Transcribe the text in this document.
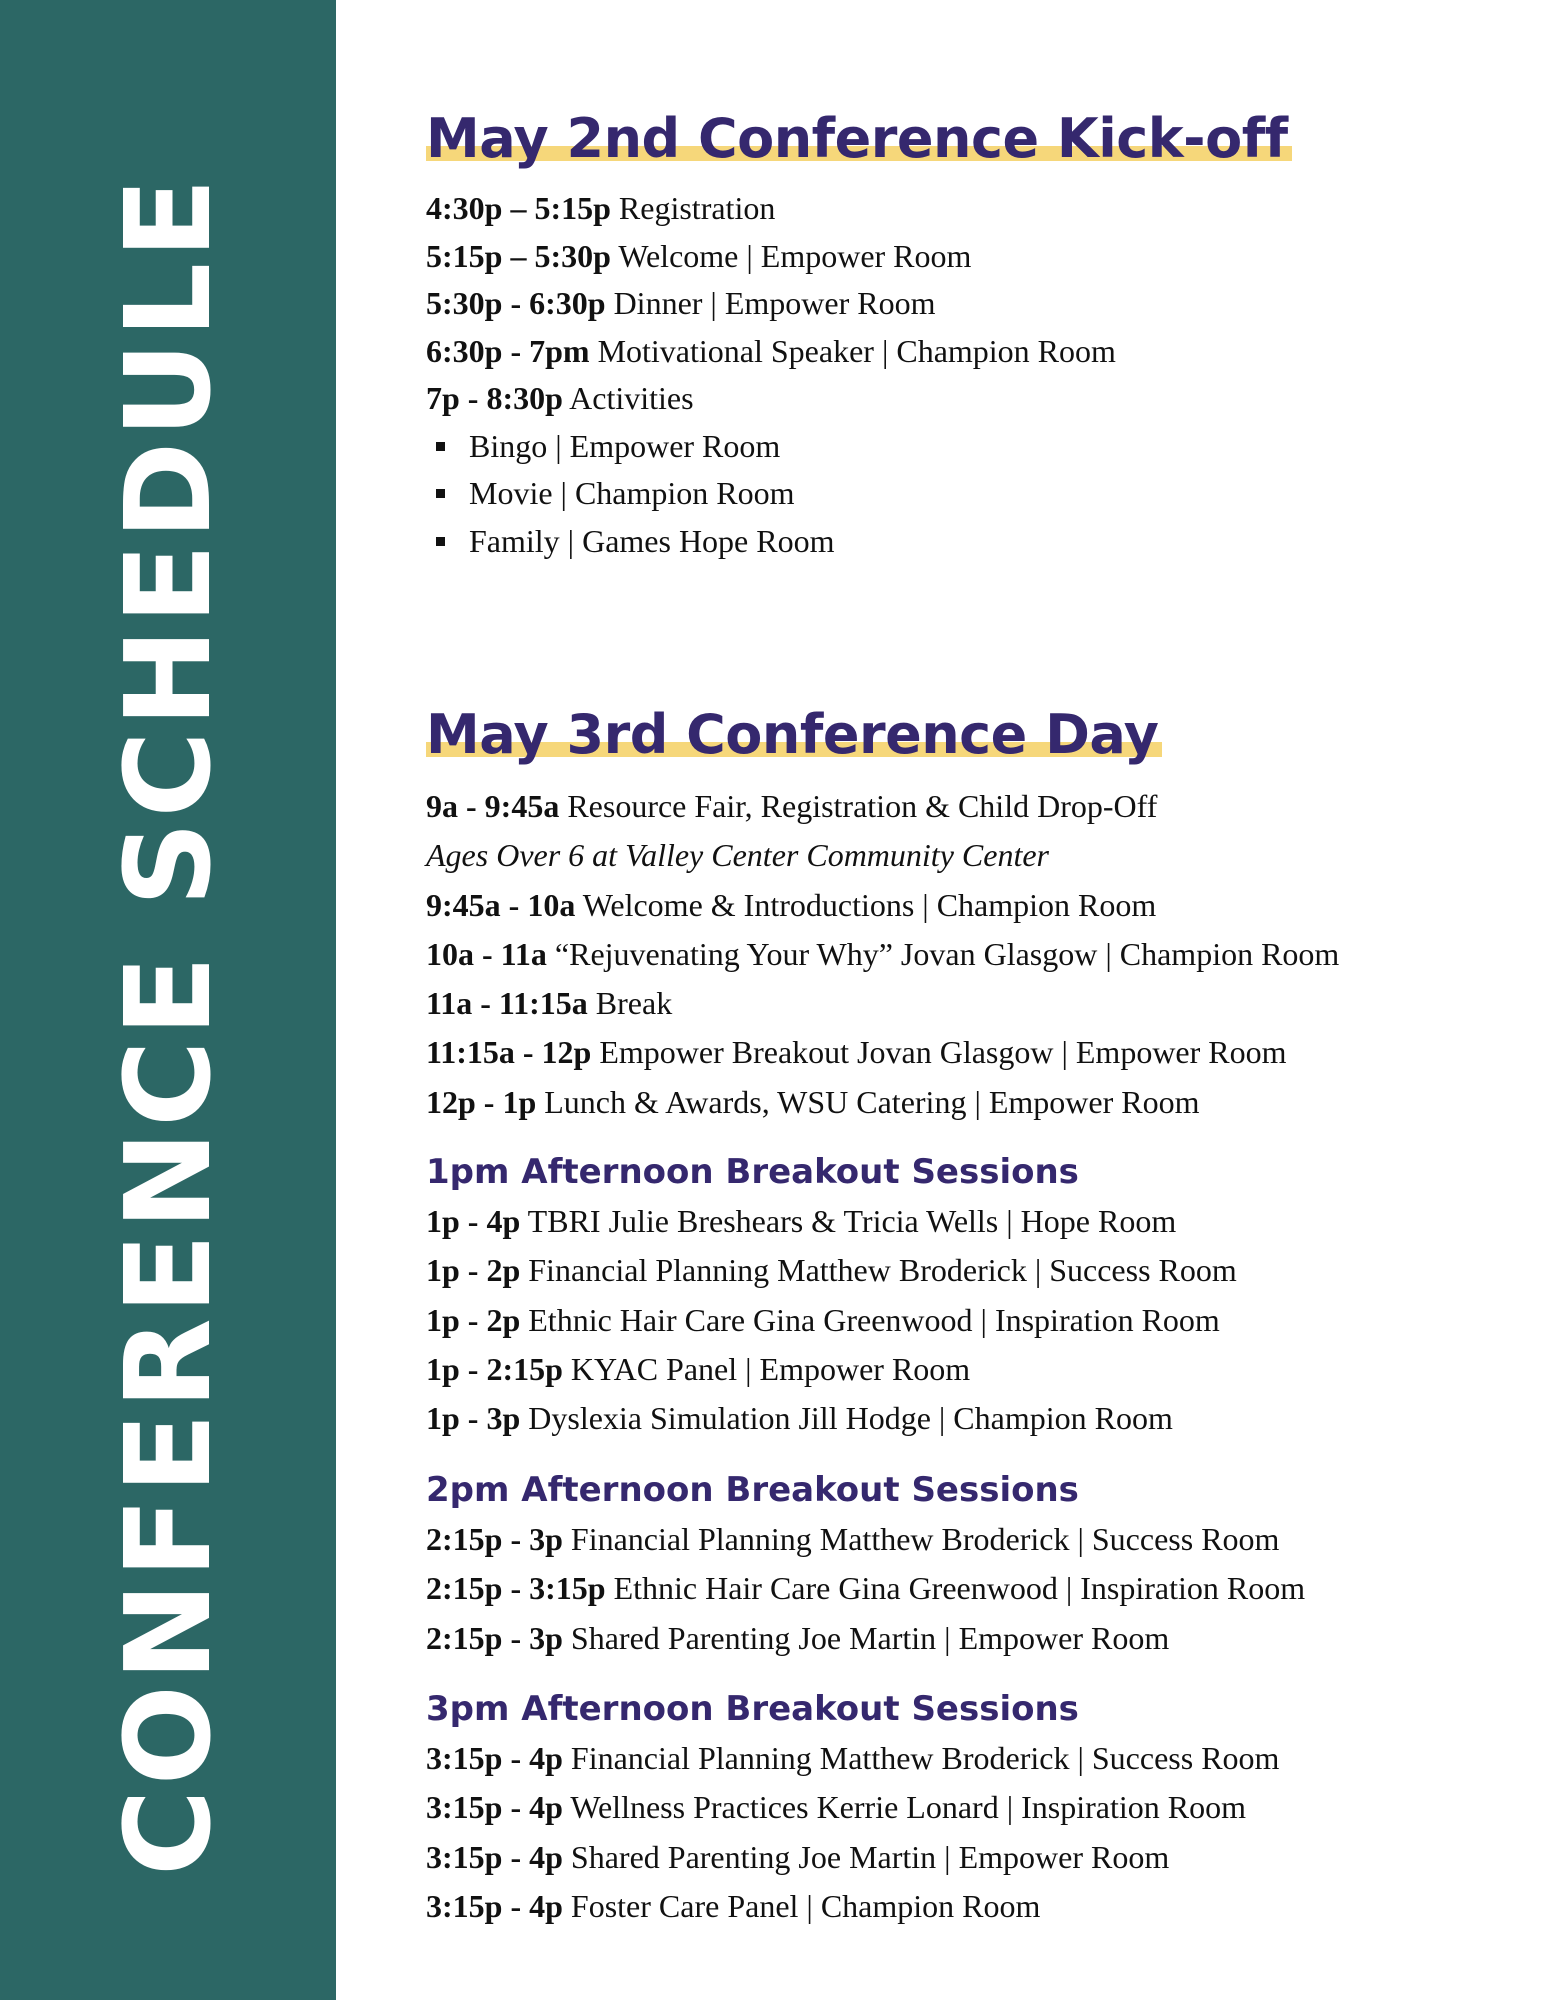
CONFERENCE SCHEDULE
May 2nd Conference Kick-off
4:30p – 5:15p Registration
5:15p – 5:30p Welcome | Empower Room
5:30p - 6:30p Dinner | Empower Room
6:30p - 7pm Motivational Speaker | Champion Room
7p - 8:30p Activities
Bingo | Empower Room
Movie | Champion Room
Family | Games Hope Room
May 3rd Conference Day
9a - 9:45a Resource Fair, Registration & Child Drop-Off
Ages Over 6 at Valley Center Community Center
9:45a - 10a Welcome & Introductions | Champion Room
10a - 11a “Rejuvenating Your Why” Jovan Glasgow | Champion Room
11a - 11:15a Break
11:15a - 12p Empower Breakout Jovan Glasgow | Empower Room
12p - 1p Lunch & Awards, WSU Catering | Empower Room
1pm Afternoon Breakout Sessions
1p - 4p TBRI Julie Breshears & Tricia Wells | Hope Room
1p - 2p Financial Planning Matthew Broderick | Success Room
1p - 2p Ethnic Hair Care Gina Greenwood | Inspiration Room
1p - 2:15p KYAC Panel | Empower Room
1p - 3p Dyslexia Simulation Jill Hodge | Champion Room
2pm Afternoon Breakout Sessions
2:15p - 3p Financial Planning Matthew Broderick | Success Room
2:15p - 3:15p Ethnic Hair Care Gina Greenwood | Inspiration Room
2:15p - 3p Shared Parenting Joe Martin | Empower Room
3pm Afternoon Breakout Sessions
3:15p - 4p Financial Planning Matthew Broderick | Success Room
3:15p - 4p Wellness Practices Kerrie Lonard | Inspiration Room
3:15p - 4p Shared Parenting Joe Martin | Empower Room
3:15p - 4p Foster Care Panel | Champion Room
